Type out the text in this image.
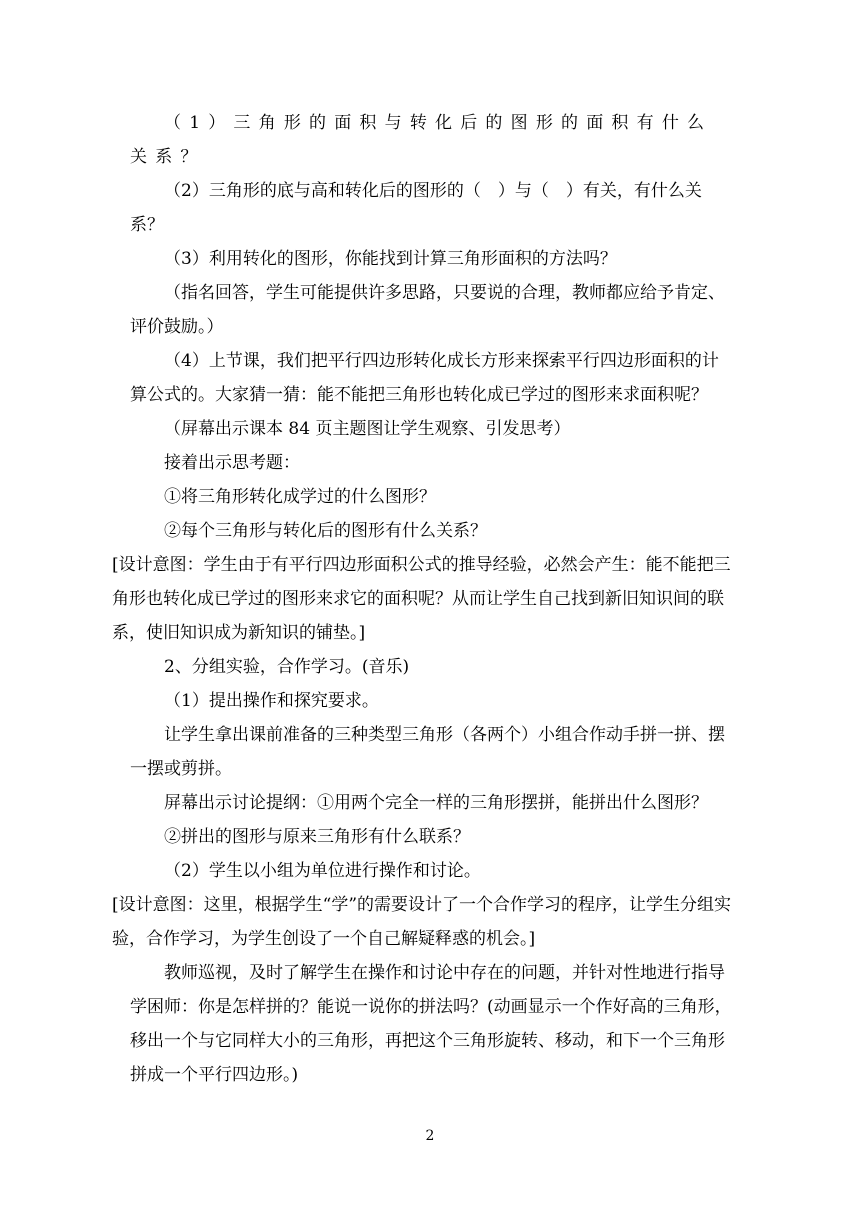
（1）三角形的面积与转化后的图形的面积有什么关系？

（2）三角形的底与高和转化后的图形的（　）与（　）有关，有什么关系？

（3）利用转化的图形，你能找到计算三角形面积的方法吗？

（指名回答，学生可能提供许多思路，只要说的合理，教师都应给予肯定、评价鼓励。）

（4）上节课，我们把平行四边形转化成长方形来探索平行四边形面积的计算公式的。大家猜一猜：能不能把三角形也转化成已学过的图形来求面积呢？

（屏幕出示课本 84 页主题图让学生观察、引发思考）

接着出示思考题：

①将三角形转化成学过的什么图形？

②每个三角形与转化后的图形有什么关系？

[设计意图：学生由于有平行四边形面积公式的推导经验，必然会产生：能不能把三角形也转化成已学过的图形来求它的面积呢？从而让学生自己找到新旧知识间的联系，使旧知识成为新知识的铺垫。]

2、分组实验，合作学习。(音乐)

（1）提出操作和探究要求。

让学生拿出课前准备的三种类型三角形（各两个）小组合作动手拼一拼、摆一摆或剪拼。

屏幕出示讨论提纲：①用两个完全一样的三角形摆拼，能拼出什么图形？

②拼出的图形与原来三角形有什么联系？

（2）学生以小组为单位进行操作和讨论。

[设计意图：这里，根据学生“学”的需要设计了一个合作学习的程序，让学生分组实验，合作学习，为学生创设了一个自己解疑释惑的机会。]

教师巡视，及时了解学生在操作和讨论中存在的问题，并针对性地进行指导学困师：你是怎样拼的？能说一说你的拼法吗？(动画显示一个作好高的三角形，移出一个与它同样大小的三角形，再把这个三角形旋转、移动，和下一个三角形拼成一个平行四边形。)

2
